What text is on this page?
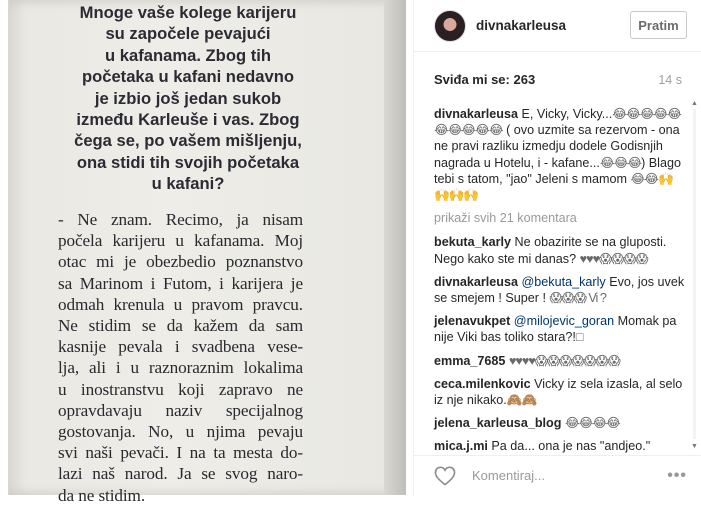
Mnoge vaše kolege karijeru
su započele pevajući
u kafanama. Zbog tih
početaka u kafani nedavno
je izbio još jedan sukob
između Karleuše i vas. Zbog
čega se, po vašem mišljenju,
ona stidi tih svojih početaka
u kafani?
- Ne znam. Recimo, ja nisam
počela karijeru u kafanama. Moj
otac mi je obezbedio poznanstvo
sa Marinom i Futom, i karijera je
odmah krenula u pravom pravcu.
Ne stidim se da kažem da sam
kasnije pevala i svadbena vese-
lja, ali i u raznoraznim lokalima
u inostranstvu koji zapravo ne
opravdavaju naziv specijalnog
gostovanja. No, u njima pevaju
svi naši pevači. I na ta mesta do-
lazi naš narod. Ja se svog naro-
da ne stidim.
divnakarleusa	Pratim
Sviđa mi se: 263	14 s
divnakarleusa E, Vicky, Vicky...😂😂😂😂😂😂😂😂😂😂 ( ovo uzmite sa rezervom - ona ne pravi razliku izmedju dodele Godisnjih nagrada u Hotelu, i - kafane...😂😂😂) Blago tebi s tatom, "jao" Jeleni s mamom 😂😂🙌🙌🙌🙌
prikaži svih 21 komentara
bekuta_karly Ne obazirite se na gluposti. Nego kako ste mi danas? ♥♥♥😱😱😱😱
divnakarleusa @bekuta_karly Evo, jos uvek se smejem ! Super ! 😱😱😱 Vi ?
jelenavukpet @milojevic_goran Momak pa nije Viki bas toliko stara?!□
emma_7685 ♥♥♥♥😱😱😱😱😱😱😱
ceca.milenkovic Vicky iz sela izasla, al selo iz nje nikako.🙈🙈
jelena_karleusa_blog 😂😂😂😂
mica.j.mi Pa da... ona je nas "andjeo."
▲
▼
Komentiraj...
•••
